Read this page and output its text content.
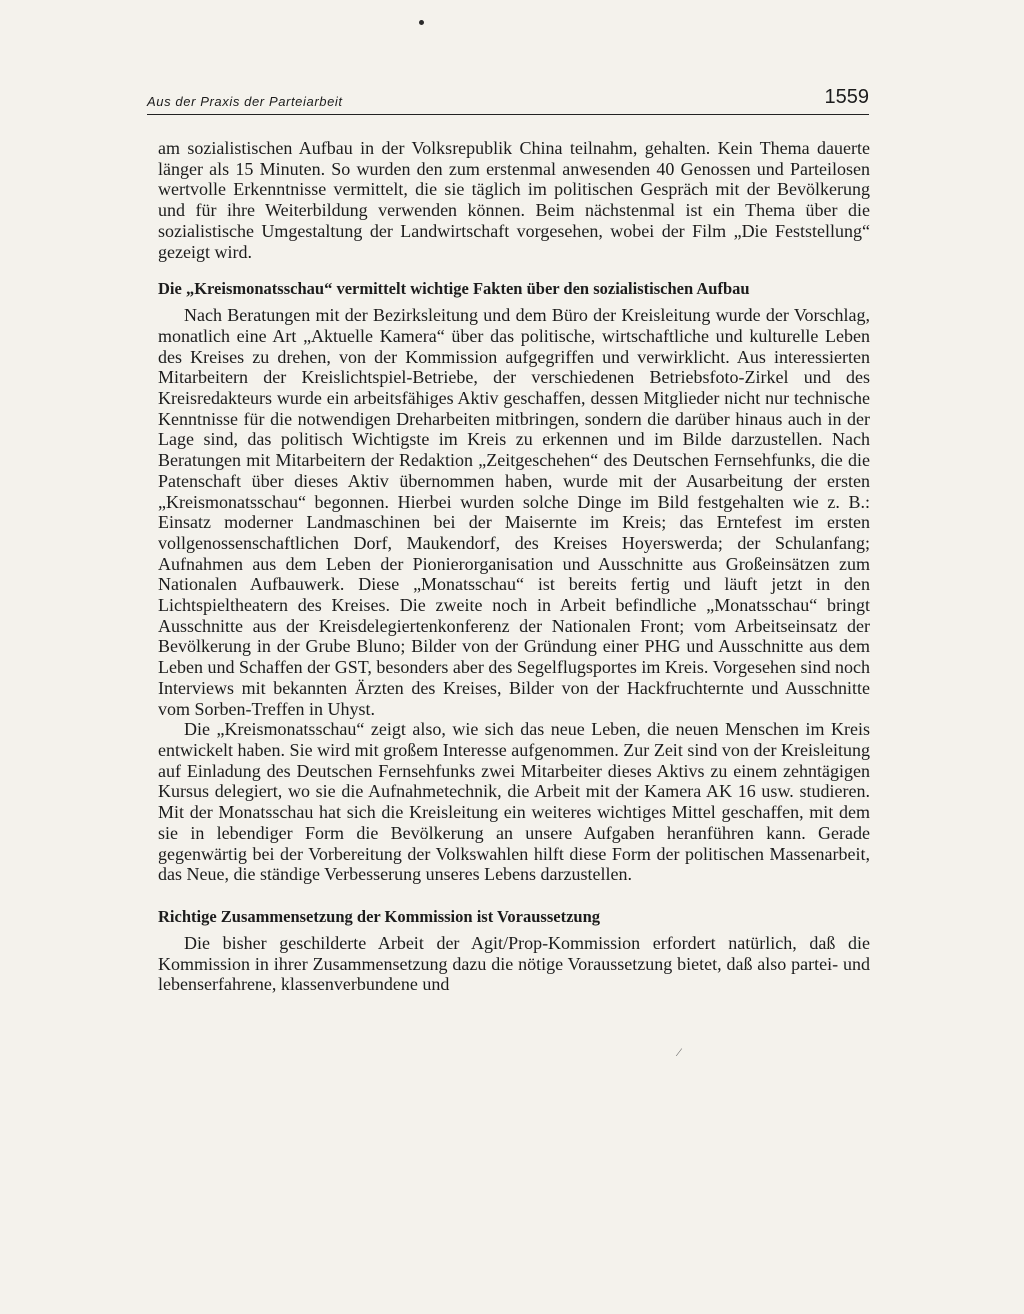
Aus der Praxis der Parteiarbeit	1559

am sozialistischen Aufbau in der Volksrepublik China teilnahm, gehalten. Kein Thema dauerte länger als 15 Minuten. So wurden den zum erstenmal anwesenden 40 Genossen und Parteilosen wertvolle Erkenntnisse vermittelt, die sie täglich im politischen Gespräch mit der Bevölkerung und für ihre Weiterbildung verwenden können. Beim nächstenmal ist ein Thema über die sozialistische Umgestaltung der Landwirtschaft vorgesehen, wobei der Film „Die Feststellung“ gezeigt wird.

Die „Kreismonatsschau“ vermittelt wichtige Fakten über den sozialistischen Aufbau

Nach Beratungen mit der Bezirksleitung und dem Büro der Kreisleitung wurde der Vorschlag, monatlich eine Art „Aktuelle Kamera“ über das politische, wirtschaftliche und kulturelle Leben des Kreises zu drehen, von der Kommission aufgegriffen und verwirklicht. Aus interessierten Mitarbeitern der Kreislichtspiel-Betriebe, der verschiedenen Betriebsfoto-Zirkel und des Kreisredakteurs wurde ein arbeitsfähiges Aktiv geschaffen, dessen Mitglieder nicht nur technische Kenntnisse für die notwendigen Dreharbeiten mitbringen, sondern die darüber hinaus auch in der Lage sind, das politisch Wichtigste im Kreis zu erkennen und im Bilde darzustellen. Nach Beratungen mit Mitarbeitern der Redaktion „Zeitgeschehen“ des Deutschen Fernsehfunks, die die Patenschaft über dieses Aktiv übernommen haben, wurde mit der Ausarbeitung der ersten „Kreismonatsschau“ begonnen. Hierbei wurden solche Dinge im Bild festgehalten wie z. B.: Einsatz moderner Landmaschinen bei der Maisernte im Kreis; das Erntefest im ersten vollgenossenschaftlichen Dorf, Maukendorf, des Kreises Hoyerswerda; der Schulanfang; Aufnahmen aus dem Leben der Pionierorganisation und Ausschnitte aus Großeinsätzen zum Nationalen Aufbauwerk. Diese „Monatsschau“ ist bereits fertig und läuft jetzt in den Lichtspieltheatern des Kreises. Die zweite noch in Arbeit befindliche „Monatsschau“ bringt Ausschnitte aus der Kreisdelegiertenkonferenz der Nationalen Front; vom Arbeitseinsatz der Bevölkerung in der Grube Bluno; Bilder von der Gründung einer PHG und Ausschnitte aus dem Leben und Schaffen der GST, besonders aber des Segelflugsportes im Kreis. Vorgesehen sind noch Interviews mit bekannten Ärzten des Kreises, Bilder von der Hackfruchternte und Ausschnitte vom Sorben-Treffen in Uhyst.

Die „Kreismonatsschau“ zeigt also, wie sich das neue Leben, die neuen Menschen im Kreis entwickelt haben. Sie wird mit großem Interesse aufgenommen. Zur Zeit sind von der Kreisleitung auf Einladung des Deutschen Fernsehfunks zwei Mitarbeiter dieses Aktivs zu einem zehntägigen Kursus delegiert, wo sie die Aufnahmetechnik, die Arbeit mit der Kamera AK 16 usw. studieren. Mit der Monatsschau hat sich die Kreisleitung ein weiteres wichtiges Mittel geschaffen, mit dem sie in lebendiger Form die Bevölkerung an unsere Aufgaben heranführen kann. Gerade gegenwärtig bei der Vorbereitung der Volkswahlen hilft diese Form der politischen Massenarbeit, das Neue, die ständige Verbesserung unseres Lebens darzustellen.

Richtige Zusammensetzung der Kommission ist Voraussetzung

Die bisher geschilderte Arbeit der Agit/Prop-Kommission erfordert natürlich, daß die Kommission in ihrer Zusammensetzung dazu die nötige Voraussetzung bietet, daß also partei- und lebenserfahrene, klassenverbundene und

⁄
